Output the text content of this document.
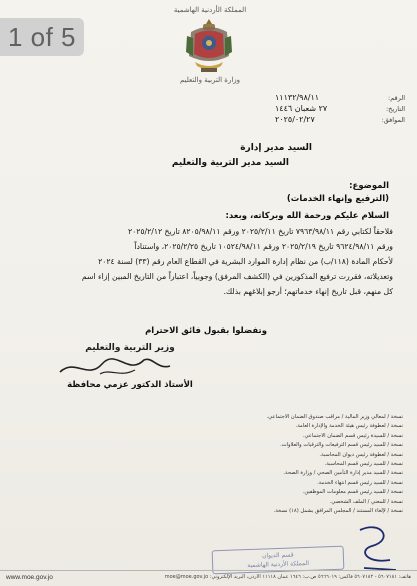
1 of 5
المملكة الأردنية الهاشمية
وزارة التربية والتعليم
الرقم:
١١١٣٢/٩٨/١١
التاريخ:
٢٧ شعبان ١٤٤٦
الموافق:
٢٠٢٥/٠٢/٢٧
السيد مدير إدارة
السيد مدير التربية والتعليم
الموضوع:
(الترفيع وإنهاء الخدمات)
السلام عليكم ورحمة الله وبركاته، وبعد:
فلاحقاً لكتابي رقم ٧٩٦٣/٩٨/١١ تاريخ ٢٠٢٥/٢/١١ ورقم ٨٢٠٥/٩٨/١١ تاريخ ٢٠٢٥/٢/١٢
ورقم ٩٦٢٤/٩٨/١١ تاريخ ٢٠٢٥/٢/١٩ ورقم ١٠٥٢٤/٩٨/١١ تاريخ ٢٠٢٥/٢/٢٥، واستناداً
لأحكام المادة (١١٨/ب) من نظام إدارة الموارد البشرية في القطاع العام رقم (٣٣) لسنة ٢٠٢٤
وتعديلاته، فقررت ترفيع المذكورين في (الكشف المرفق) وجوبياً، اعتباراً من التاريخ المبين إزاء اسم
كل منهم، قبل تاريخ إنهاء خدماتهم؛ أرجو إبلاغهم بذلك.
وتفضلوا بقبول فائق الاحترام
وزير التربية والتعليم
الأستاذ الدكتور عزمي محافظة
نسخة / لمعالي وزير المالية / مراقب صندوق الضمان الاجتماعي.
نسخة / لعطوفة رئيس هيئة الخدمة والإدارة العامة.
نسخة / للسيدة رئيس قسم الضمان الاجتماعي.
نسخة / للسيد رئيس قسم الترفيعات والترقيات والعلاوات.
نسخة / لعطوفة رئيس ديوان المحاسبة.
نسخة / للسيد رئيس قسم المحاسبة.
نسخة / للسيد مدير إدارة التأمين الصحي / وزارة الصحة.
نسخة / للسيد رئيس قسم انتهاء الخدمة.
نسخة / للسيد رئيس قسم معلومات الموظفين.
نسخة / للمعني / الملف الشخصي.
نسخة / لإلغاء المستند / المجلس المرافق يشمل (١٨) نسخة.
قسم الديوان
المملكة الأردنية الهاشمية
www.moe.gov.jo	هاتف: ٥٦٠٧١٨١ - ٥٦٠٧١٨٢ فاكس: ٥٦٦٦٠١٩ ص.ب: ١٦٤٦ عمان ١١١١٨ الأردن، البريد الإلكتروني: moe@moe.gov.jo
